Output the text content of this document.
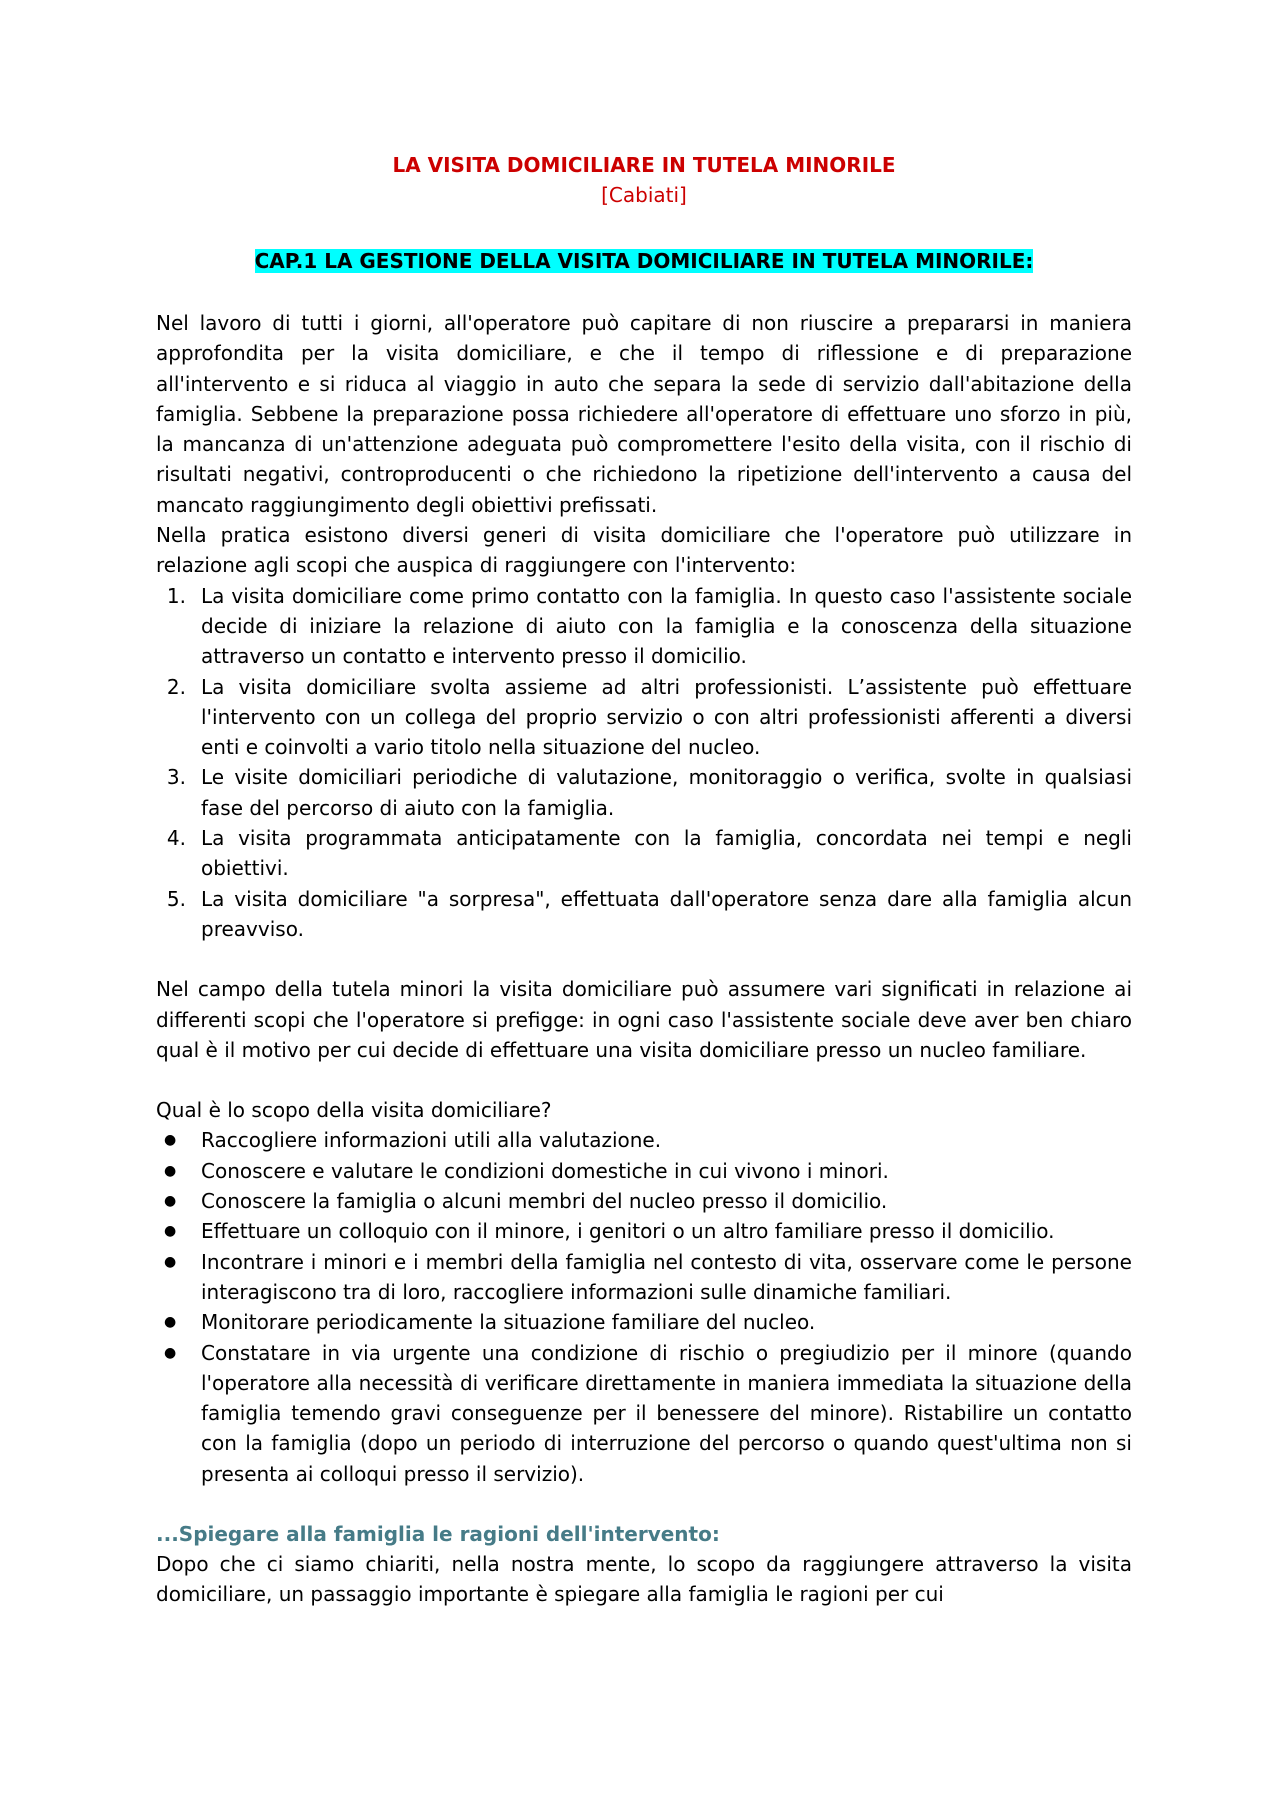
LA VISITA DOMICILIARE IN TUTELA MINORILE
[Cabiati]
CAP.1 LA GESTIONE DELLA VISITA DOMICILIARE IN TUTELA MINORILE:

Nel lavoro di tutti i giorni, all'operatore può capitare di non riuscire a prepararsi in maniera approfondita per la visita domiciliare, e che il tempo di riflessione e di preparazione all'intervento e si riduca al viaggio in auto che separa la sede di servizio dall'abitazione della famiglia. Sebbene la preparazione possa richiedere all'operatore di effettuare uno sforzo in più, la mancanza di un'attenzione adeguata può compromettere l'esito della visita, con il rischio di risultati negativi, controproducenti o che richiedono la ripetizione dell'intervento a causa del mancato raggiungimento degli obiettivi prefissati.

Nella pratica esistono diversi generi di visita domiciliare che l'operatore può utilizzare in relazione agli scopi che auspica di raggiungere con l'intervento:

1. La visita domiciliare come primo contatto con la famiglia. In questo caso l'assistente sociale decide di iniziare la relazione di aiuto con la famiglia e la conoscenza della situazione attraverso un contatto e intervento presso il domicilio.
2. La visita domiciliare svolta assieme ad altri professionisti. L’assistente può effettuare l'intervento con un collega del proprio servizio o con altri professionisti afferenti a diversi enti e coinvolti a vario titolo nella situazione del nucleo.
3. Le visite domiciliari periodiche di valutazione, monitoraggio o verifica, svolte in qualsiasi fase del percorso di aiuto con la famiglia.
4. La visita programmata anticipatamente con la famiglia, concordata nei tempi e negli obiettivi.
5. La visita domiciliare "a sorpresa", effettuata dall'operatore senza dare alla famiglia alcun preavviso.

Nel campo della tutela minori la visita domiciliare può assumere vari significati in relazione ai differenti scopi che l'operatore si prefigge: in ogni caso l'assistente sociale deve aver ben chiaro qual è il motivo per cui decide di effettuare una visita domiciliare presso un nucleo familiare.

Qual è lo scopo della visita domiciliare?

● Raccogliere informazioni utili alla valutazione.
● Conoscere e valutare le condizioni domestiche in cui vivono i minori.
● Conoscere la famiglia o alcuni membri del nucleo presso il domicilio.
● Effettuare un colloquio con il minore, i genitori o un altro familiare presso il domicilio.
● Incontrare i minori e i membri della famiglia nel contesto di vita, osservare come le persone interagiscono tra di loro, raccogliere informazioni sulle dinamiche familiari.
● Monitorare periodicamente la situazione familiare del nucleo.
● Constatare in via urgente una condizione di rischio o pregiudizio per il minore (quando l'operatore alla necessità di verificare direttamente in maniera immediata la situazione della famiglia temendo gravi conseguenze per il benessere del minore). Ristabilire un contatto con la famiglia (dopo un periodo di interruzione del percorso o quando quest'ultima non si presenta ai colloqui presso il servizio).
...Spiegare alla famiglia le ragioni dell'intervento:

Dopo che ci siamo chiariti, nella nostra mente, lo scopo da raggiungere attraverso la visita domiciliare, un passaggio importante è spiegare alla famiglia le ragioni per cui
